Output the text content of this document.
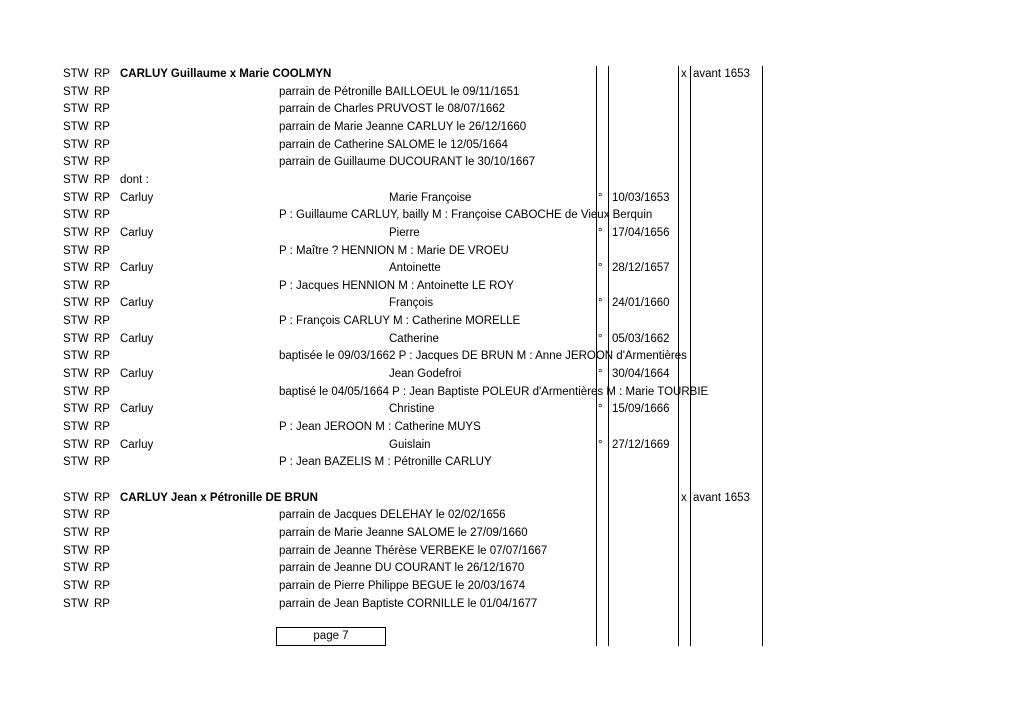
STW RP CARLUY Guillaume x Marie COOLMYN	x avant 1653
STW RP	parrain de Pétronille BAILLOEUL le 09/11/1651
STW RP	parrain de Charles PRUVOST le 08/07/1662
STW RP	parrain de Marie Jeanne CARLUY le 26/12/1660
STW RP	parrain de Catherine SALOME le 12/05/1664
STW RP	parrain de Guillaume DUCOURANT le 30/10/1667
STW RP dont :
STW RP Carluy	Marie Françoise	° 10/03/1653
STW RP	P : Guillaume CARLUY, bailly M : Françoise CABOCHE de Vieux Berquin
STW RP Carluy	Pierre	° 17/04/1656
STW RP	P : Maître ? HENNION M : Marie DE VROEU
STW RP Carluy	Antoinette	° 28/12/1657
STW RP	P : Jacques HENNION M : Antoinette LE ROY
STW RP Carluy	François	° 24/01/1660
STW RP	P : François CARLUY M : Catherine MORELLE
STW RP Carluy	Catherine	° 05/03/1662
STW RP	baptisée le 09/03/1662 P : Jacques DE BRUN M : Anne JEROON d'Armentières
STW RP Carluy	Jean Godefroi	° 30/04/1664
STW RP	baptisé le 04/05/1664 P : Jean Baptiste POLEUR d'Armentières M : Marie TOURBIE
STW RP Carluy	Christine	° 15/09/1666
STW RP	P : Jean JEROON M : Catherine MUYS
STW RP Carluy	Guislain	° 27/12/1669
STW RP	P : Jean BAZELIS M : Pétronille CARLUY
STW RP CARLUY Jean x Pétronille DE BRUN	x avant 1653
STW RP	parrain de Jacques DELEHAY le 02/02/1656
STW RP	parrain de Marie Jeanne SALOME le 27/09/1660
STW RP	parrain de Jeanne Thérèse VERBEKE le 07/07/1667
STW RP	parrain de Jeanne DU COURANT le 26/12/1670
STW RP	parrain de Pierre Philippe BEGUE le 20/03/1674
STW RP	parrain de Jean Baptiste CORNILLE le 01/04/1677
page 7
